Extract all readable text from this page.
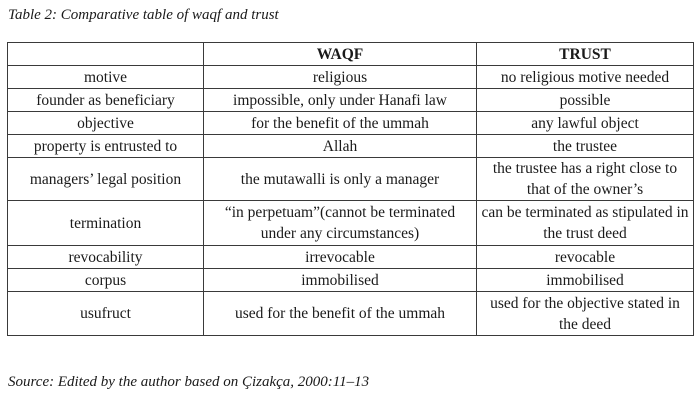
Table 2: Comparative table of waqf and trust
	WAQF	TRUST
motive	religious	no religious motive needed
founder as beneficiary	impossible, only under Hanafi law	possible
objective	for the benefit of the ummah	any lawful object
property is entrusted to	Allah	the trustee
managers’ legal position	the mutawalli is only a manager	the trustee has a right close to that of the owner’s
termination	“in perpetuam”(cannot be terminated under any circumstances)	can be terminated as stipulated in the trust deed
revocability	irrevocable	revocable
corpus	immobilised	immobilised
usufruct	used for the benefit of the ummah	used for the objective stated in the deed
Source: Edited by the author based on Çizakça, 2000:11–13
